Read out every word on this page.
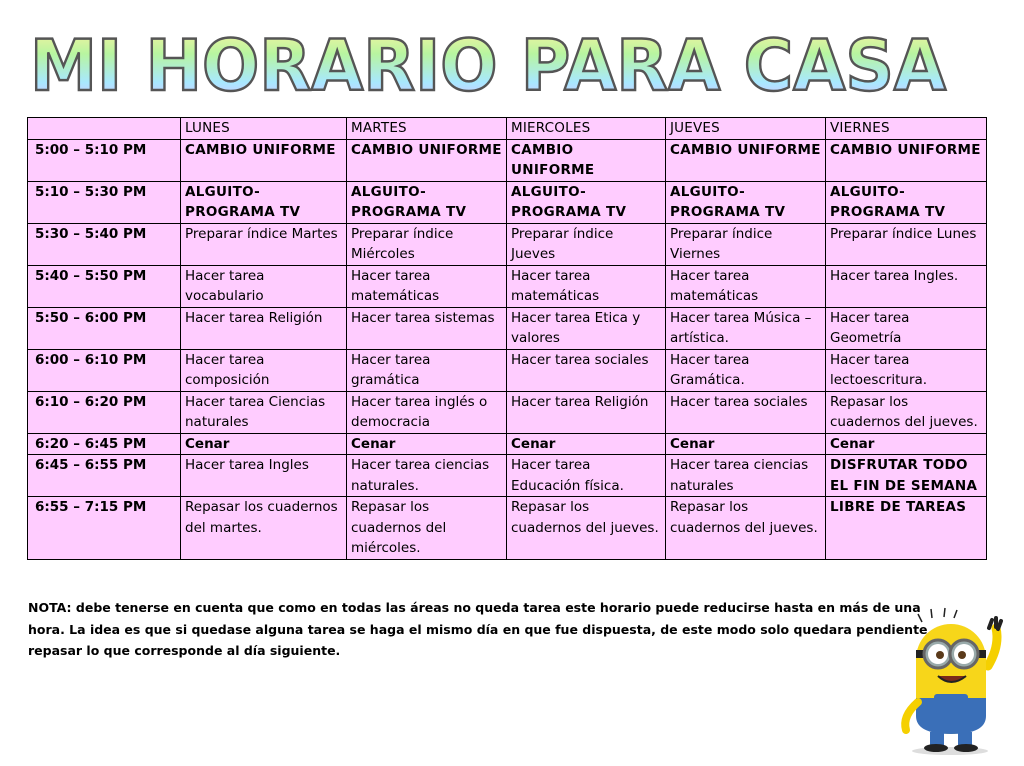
MI HORARIO PARA CASA
	LUNES	MARTES	MIERCOLES	JUEVES	VIERNES
5:00 – 5:10 PM	CAMBIO UNIFORME	CAMBIO UNIFORME	CAMBIO UNIFORME	CAMBIO UNIFORME	CAMBIO UNIFORME
5:10 – 5:30 PM	ALGUITO-PROGRAMA TV	ALGUITO-PROGRAMA TV	ALGUITO-PROGRAMA TV	ALGUITO-PROGRAMA TV	ALGUITO-PROGRAMA TV
5:30 – 5:40 PM	Preparar índice Martes	Preparar índice Miércoles	Preparar índice Jueves	Preparar índice Viernes	Preparar índice Lunes
5:40 – 5:50 PM	Hacer tarea vocabulario	Hacer tarea matemáticas	Hacer tarea matemáticas	Hacer tarea matemáticas	Hacer tarea Ingles.
5:50 – 6:00 PM	Hacer tarea Religión	Hacer tarea sistemas	Hacer tarea Etica y valores	Hacer tarea Música – artística.	Hacer tarea Geometría
6:00 – 6:10 PM	Hacer tarea composición	Hacer tarea gramática	Hacer tarea sociales	Hacer tarea Gramática.	Hacer tarea lectoescritura.
6:10 – 6:20 PM	Hacer tarea Ciencias naturales	Hacer tarea inglés o democracia	Hacer tarea Religión	Hacer tarea sociales	Repasar los cuadernos del jueves.
6:20 – 6:45 PM	Cenar	Cenar	Cenar	Cenar	Cenar
6:45 – 6:55 PM	Hacer tarea Ingles	Hacer tarea ciencias naturales.	Hacer tarea Educación física.	Hacer tarea ciencias naturales	DISFRUTAR TODO EL FIN DE SEMANA
6:55 – 7:15 PM	Repasar los cuadernos del martes.	Repasar los cuadernos del miércoles.	Repasar los cuadernos del jueves.	Repasar los cuadernos del jueves.	LIBRE DE TAREAS
NOTA: debe tenerse en cuenta que como en todas las áreas no queda tarea este horario puede reducirse hasta en más de una hora. La idea es que si quedase alguna tarea se haga el mismo día en que fue dispuesta, de este modo solo quedara pendiente repasar lo que corresponde al día siguiente.
